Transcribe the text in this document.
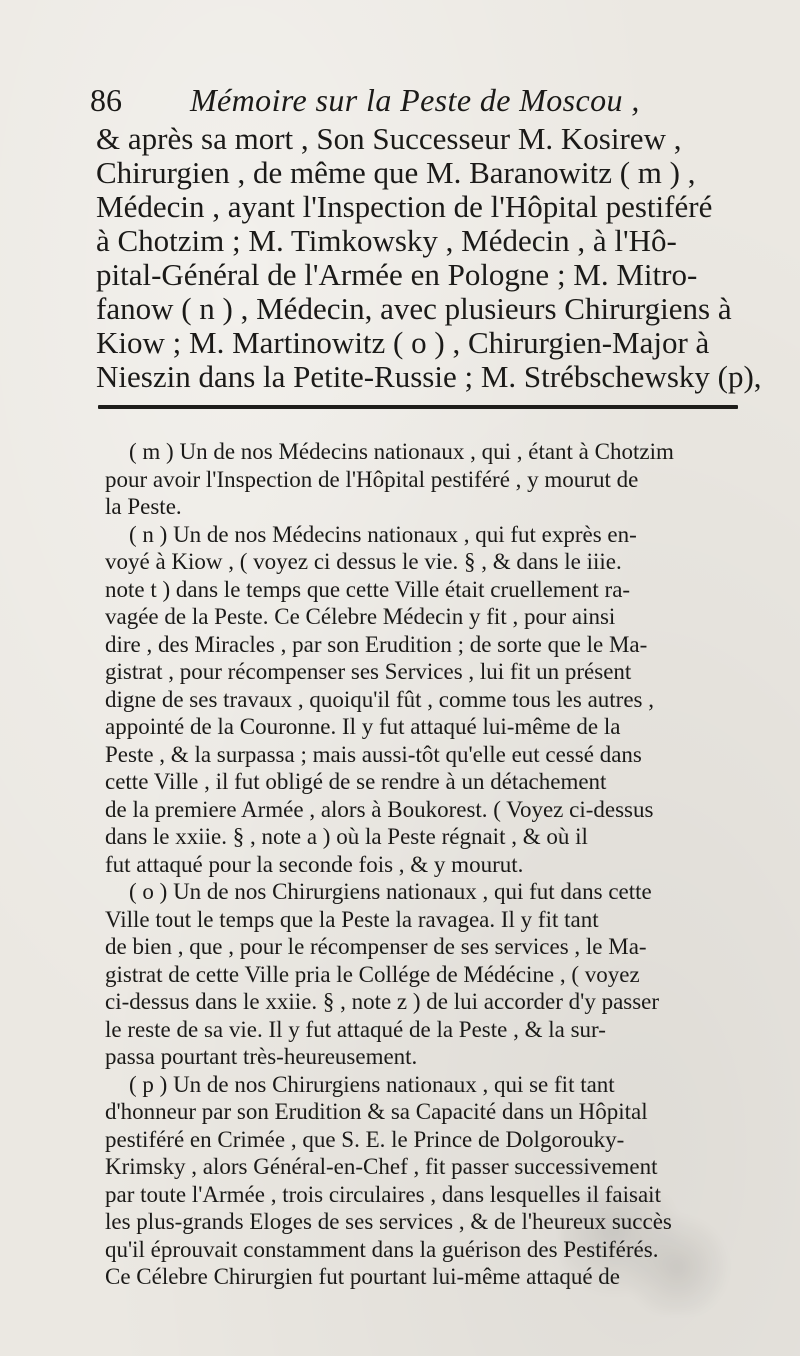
86 Mémoire sur la Peste de Moscou ,
& après sa mort , Son Successeur M. Kosirew ,
Chirurgien , de même que M. Baranowitz ( m ) ,
Médecin , ayant l'Inspection de l'Hôpital pestiféré
à Chotzim ; M. Timkowsky , Médecin , à l'Hô-
pital-Général de l'Armée en Pologne ; M. Mitro-
fanow ( n ) , Médecin, avec plusieurs Chirurgiens à
Kiow ; M. Martinowitz ( o ) , Chirurgien-Major à
Nieszin dans la Petite-Russie ; M. Strébschewsky (p),
( m ) Un de nos Médecins nationaux , qui , étant à Chotzim
pour avoir l'Inspection de l'Hôpital pestiféré , y mourut de
la Peste.
( n ) Un de nos Médecins nationaux , qui fut exprès en-
voyé à Kiow , ( voyez ci dessus le vie. § , & dans le iiie.
note t ) dans le temps que cette Ville était cruellement ra-
vagée de la Peste. Ce Célebre Médecin y fit , pour ainsi
dire , des Miracles , par son Erudition ; de sorte que le Ma-
gistrat , pour récompenser ses Services , lui fit un présent
digne de ses travaux , quoiqu'il fût , comme tous les autres ,
appointé de la Couronne. Il y fut attaqué lui-même de la
Peste , & la surpassa ; mais aussi-tôt qu'elle eut cessé dans
cette Ville , il fut obligé de se rendre à un détachement
de la premiere Armée , alors à Boukorest. ( Voyez ci-dessus
dans le xxiie. § , note a ) où la Peste régnait , & où il
fut attaqué pour la seconde fois , & y mourut.
( o ) Un de nos Chirurgiens nationaux , qui fut dans cette
Ville tout le temps que la Peste la ravagea. Il y fit tant
de bien , que , pour le récompenser de ses services , le Ma-
gistrat de cette Ville pria le Collége de Médécine , ( voyez
ci-dessus dans le xxiie. § , note z ) de lui accorder d'y passer
le reste de sa vie. Il y fut attaqué de la Peste , & la sur-
passa pourtant très-heureusement.
( p ) Un de nos Chirurgiens nationaux , qui se fit tant
d'honneur par son Erudition & sa Capacité dans un Hôpital
pestiféré en Crimée , que S. E. le Prince de Dolgorouky-
Krimsky , alors Général-en-Chef , fit passer successivement
par toute l'Armée , trois circulaires , dans lesquelles il faisait
les plus-grands Eloges de ses services , & de l'heureux succès
qu'il éprouvait constamment dans la guérison des Pestiférés.
Ce Célebre Chirurgien fut pourtant lui-même attaqué de
